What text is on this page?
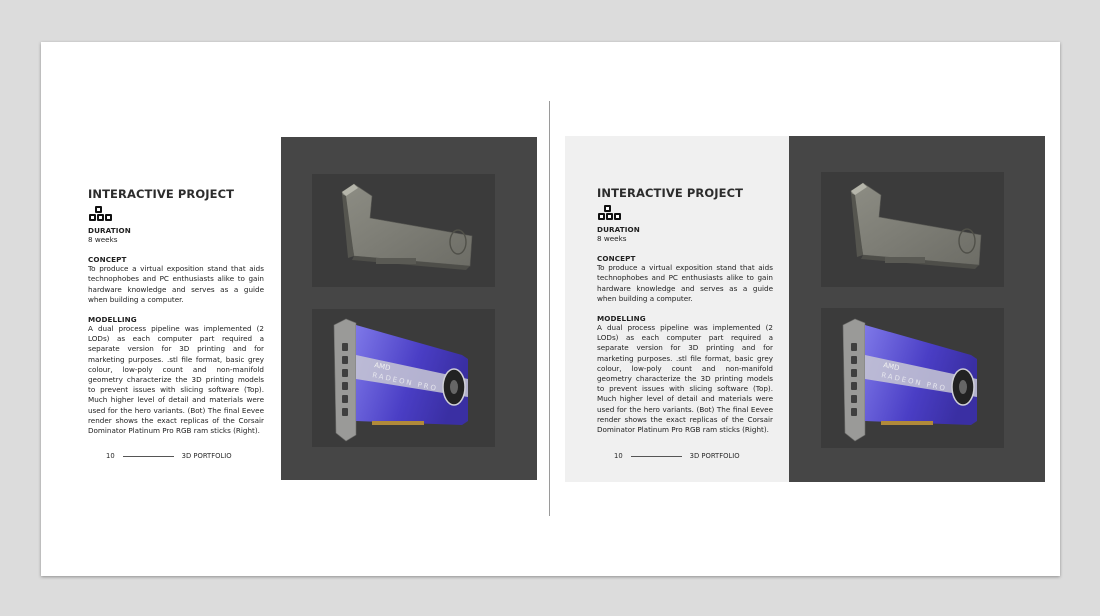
INTERACTIVE PROJECT

DURATION

8 weeks

CONCEPT

To produce a virtual exposition stand that aids technophobes and PC enthusiasts alike to gain hardware knowledge and serves as a guide when building a computer.

MODELLING

A dual process pipeline was implemented (2 LODs) as each computer part required a separate version for 3D printing and for marketing purposes. .stl file format, basic grey colour, low-poly count and non-manifold geometry characterize the 3D printing models to prevent issues with slicing software (Top). Much higher level of detail and materials were used for the hero variants. (Bot) The final Eevee render shows the exact replicas of the Corsair Dominator Platinum Pro RGB ram sticks (Right).

10	3D PORTFOLIO
AMD
RADEON PRO
INTERACTIVE PROJECT

DURATION

8 weeks

CONCEPT

To produce a virtual exposition stand that aids technophobes and PC enthusiasts alike to gain hardware knowledge and serves as a guide when building a computer.

MODELLING

A dual process pipeline was implemented (2 LODs) as each computer part required a separate version for 3D printing and for marketing purposes. .stl file format, basic grey colour, low-poly count and non-manifold geometry characterize the 3D printing models to prevent issues with slicing software (Top). Much higher level of detail and materials were used for the hero variants. (Bot) The final Eevee render shows the exact replicas of the Corsair Dominator Platinum Pro RGB ram sticks (Right).

10	3D PORTFOLIO
AMD
RADEON PRO
